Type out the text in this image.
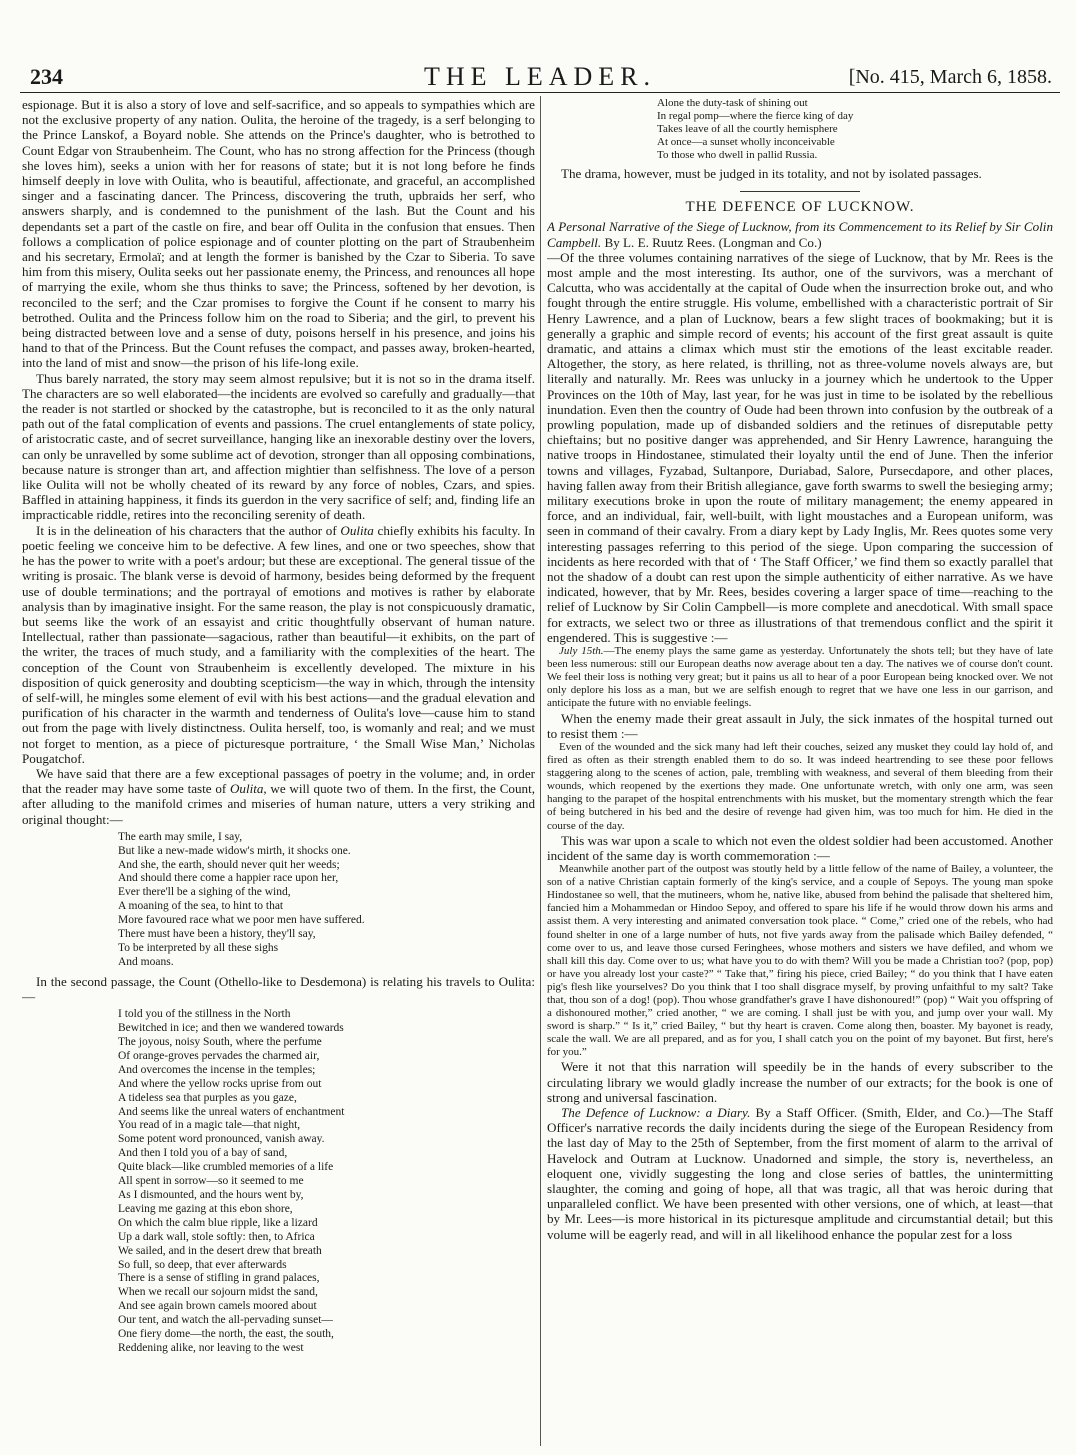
234	THE LEADER.	[No. 415, March 6, 1858.

espionage. But it is also a story of love and self-sacrifice, and so appeals to sympathies which are not the exclusive property of any nation. Oulita, the heroine of the tragedy, is a serf belonging to the Prince Lanskof, a Boyard noble. She attends on the Prince's daughter, who is betrothed to Count Edgar von Straubenheim. The Count, who has no strong affection for the Princess (though she loves him), seeks a union with her for reasons of state; but it is not long before he finds himself deeply in love with Oulita, who is beautiful, affectionate, and graceful, an accomplished singer and a fascinating dancer. The Princess, discovering the truth, upbraids her serf, who answers sharply, and is condemned to the punishment of the lash. But the Count and his dependants set a part of the castle on fire, and bear off Oulita in the confusion that ensues. Then follows a complication of police espionage and of counter plotting on the part of Straubenheim and his secretary, Ermolaï; and at length the former is banished by the Czar to Siberia. To save him from this misery, Oulita seeks out her passionate enemy, the Princess, and renounces all hope of marrying the exile, whom she thus thinks to save; the Princess, softened by her devotion, is reconciled to the serf; and the Czar promises to forgive the Count if he consent to marry his betrothed. Oulita and the Princess follow him on the road to Siberia; and the girl, to prevent his being distracted between love and a sense of duty, poisons herself in his presence, and joins his hand to that of the Princess. But the Count refuses the compact, and passes away, broken-hearted, into the land of mist and snow—the prison of his life-long exile.

Thus barely narrated, the story may seem almost repulsive; but it is not so in the drama itself. The characters are so well elaborated—the incidents are evolved so carefully and gradually—that the reader is not startled or shocked by the catastrophe, but is reconciled to it as the only natural path out of the fatal complication of events and passions. The cruel entanglements of state policy, of aristocratic caste, and of secret surveillance, hanging like an inexorable destiny over the lovers, can only be unravelled by some sublime act of devotion, stronger than all opposing combinations, because nature is stronger than art, and affection mightier than selfishness. The love of a person like Oulita will not be wholly cheated of its reward by any force of nobles, Czars, and spies. Baffled in attaining happiness, it finds its guerdon in the very sacrifice of self; and, finding life an impracticable riddle, retires into the reconciling serenity of death.

It is in the delineation of his characters that the author of Oulita chiefly exhibits his faculty. In poetic feeling we conceive him to be defective. A few lines, and one or two speeches, show that he has the power to write with a poet's ardour; but these are exceptional. The general tissue of the writing is prosaic. The blank verse is devoid of harmony, besides being deformed by the frequent use of double terminations; and the portrayal of emotions and motives is rather by elaborate analysis than by imaginative insight. For the same reason, the play is not conspicuously dramatic, but seems like the work of an essayist and critic thoughtfully observant of human nature. Intellectual, rather than passionate—sagacious, rather than beautiful—it exhibits, on the part of the writer, the traces of much study, and a familiarity with the complexities of the heart. The conception of the Count von Straubenheim is excellently developed. The mixture in his disposition of quick generosity and doubting scepticism—the way in which, through the intensity of self-will, he mingles some element of evil with his best actions—and the gradual elevation and purification of his character in the warmth and tenderness of Oulita's love—cause him to stand out from the page with lively distinctness. Oulita herself, too, is womanly and real; and we must not forget to mention, as a piece of picturesque portraiture, ‘ the Small Wise Man,’ Nicholas Pougatchof.

We have said that there are a few exceptional passages of poetry in the volume; and, in order that the reader may have some taste of Oulita, we will quote two of them. In the first, the Count, after alluding to the manifold crimes and miseries of human nature, utters a very striking and original thought:—

The earth may smile, I say,
But like a new-made widow's mirth, it shocks one.
And she, the earth, should never quit her weeds;
And should there come a happier race upon her,
Ever there'll be a sighing of the wind,
A moaning of the sea, to hint to that
More favoured race what we poor men have suffered.
There must have been a history, they'll say,
To be interpreted by all these sighs
And moans.

In the second passage, the Count (Othello-like to Desdemona) is relating his travels to Oulita:—

I told you of the stillness in the North
Bewitched in ice; and then we wandered towards
The joyous, noisy South, where the perfume
Of orange-groves pervades the charmed air,
And overcomes the incense in the temples;
And where the yellow rocks uprise from out
A tideless sea that purples as you gaze,
And seems like the unreal waters of enchantment
You read of in a magic tale—that night,
Some potent word pronounced, vanish away.
And then I told you of a bay of sand,
Quite black—like crumbled memories of a life
All spent in sorrow—so it seemed to me
As I dismounted, and the hours went by,
Leaving me gazing at this ebon shore,
On which the calm blue ripple, like a lizard
Up a dark wall, stole softly: then, to Africa
We sailed, and in the desert drew that breath
So full, so deep, that ever afterwards
There is a sense of stifling in grand palaces,
When we recall our sojourn midst the sand,
And see again brown camels moored about
Our tent, and watch the all-pervading sunset—
One fiery dome—the north, the east, the south,
Reddening alike, nor leaving to the west
Alone the duty-task of shining out
In regal pomp—where the fierce king of day
Takes leave of all the courtly hemisphere
At once—a sunset wholly inconceivable
To those who dwell in pallid Russia.

The drama, however, must be judged in its totality, and not by isolated passages.

THE DEFENCE OF LUCKNOW.

A Personal Narrative of the Siege of Lucknow, from its Commencement to its Relief by Sir Colin Campbell. By L. E. Ruutz Rees. (Longman and Co.)

—Of the three volumes containing narratives of the siege of Lucknow, that by Mr. Rees is the most ample and the most interesting. Its author, one of the survivors, was a merchant of Calcutta, who was accidentally at the capital of Oude when the insurrection broke out, and who fought through the entire struggle. His volume, embellished with a characteristic portrait of Sir Henry Lawrence, and a plan of Lucknow, bears a few slight traces of bookmaking; but it is generally a graphic and simple record of events; his account of the first great assault is quite dramatic, and attains a climax which must stir the emotions of the least excitable reader. Altogether, the story, as here related, is thrilling, not as three-volume novels always are, but literally and naturally. Mr. Rees was unlucky in a journey which he undertook to the Upper Provinces on the 10th of May, last year, for he was just in time to be isolated by the rebellious inundation. Even then the country of Oude had been thrown into confusion by the outbreak of a prowling population, made up of disbanded soldiers and the retinues of disreputable petty chieftains; but no positive danger was apprehended, and Sir Henry Lawrence, haranguing the native troops in Hindostanee, stimulated their loyalty until the end of June. Then the inferior towns and villages, Fyzabad, Sultanpore, Duriabad, Salore, Pursecdapore, and other places, having fallen away from their British allegiance, gave forth swarms to swell the besieging army; military executions broke in upon the route of military management; the enemy appeared in force, and an individual, fair, well-built, with light moustaches and a European uniform, was seen in command of their cavalry. From a diary kept by Lady Inglis, Mr. Rees quotes some very interesting passages referring to this period of the siege. Upon comparing the succession of incidents as here recorded with that of ‘ The Staff Officer,’ we find them so exactly parallel that not the shadow of a doubt can rest upon the simple authenticity of either narrative. As we have indicated, however, that by Mr. Rees, besides covering a larger space of time—reaching to the relief of Lucknow by Sir Colin Campbell—is more complete and anecdotical. With small space for extracts, we select two or three as illustrations of that tremendous conflict and the spirit it engendered. This is suggestive :—

July 15th.—The enemy plays the same game as yesterday. Unfortunately the shots tell; but they have of late been less numerous: still our European deaths now average about ten a day. The natives we of course don't count. We feel their loss is nothing very great; but it pains us all to hear of a poor European being knocked over. We not only deplore his loss as a man, but we are selfish enough to regret that we have one less in our garrison, and anticipate the future with no enviable feelings.

When the enemy made their great assault in July, the sick inmates of the hospital turned out to resist them :—

Even of the wounded and the sick many had left their couches, seized any musket they could lay hold of, and fired as often as their strength enabled them to do so. It was indeed heartrending to see these poor fellows staggering along to the scenes of action, pale, trembling with weakness, and several of them bleeding from their wounds, which reopened by the exertions they made. One unfortunate wretch, with only one arm, was seen hanging to the parapet of the hospital entrenchments with his musket, but the momentary strength which the fear of being butchered in his bed and the desire of revenge had given him, was too much for him. He died in the course of the day.

This was war upon a scale to which not even the oldest soldier had been accustomed. Another incident of the same day is worth commemoration :—

Meanwhile another part of the outpost was stoutly held by a little fellow of the name of Bailey, a volunteer, the son of a native Christian captain formerly of the king's service, and a couple of Sepoys. The young man spoke Hindostanee so well, that the mutineers, whom he, native like, abused from behind the palisade that sheltered him, fancied him a Mohammedan or Hindoo Sepoy, and offered to spare his life if he would throw down his arms and assist them. A very interesting and animated conversation took place. “ Come,” cried one of the rebels, who had found shelter in one of a large number of huts, not five yards away from the palisade which Bailey defended, “ come over to us, and leave those cursed Feringhees, whose mothers and sisters we have defiled, and whom we shall kill this day. Come over to us; what have you to do with them? Will you be made a Christian too? (pop, pop) or have you already lost your caste?” “ Take that,” firing his piece, cried Bailey; “ do you think that I have eaten pig's flesh like yourselves? Do you think that I too shall disgrace myself, by proving unfaithful to my salt? Take that, thou son of a dog! (pop). Thou whose grandfather's grave I have dishonoured!” (pop) “ Wait you offspring of a dishonoured mother,” cried another, “ we are coming. I shall just be with you, and jump over your wall. My sword is sharp.” “ Is it,” cried Bailey, “ but thy heart is craven. Come along then, boaster. My bayonet is ready, scale the wall. We are all prepared, and as for you, I shall catch you on the point of my bayonet. But first, here's for you.”

Were it not that this narration will speedily be in the hands of every subscriber to the circulating library we would gladly increase the number of our extracts; for the book is one of strong and universal fascination.

The Defence of Lucknow: a Diary. By a Staff Officer. (Smith, Elder, and Co.)—The Staff Officer's narrative records the daily incidents during the siege of the European Residency from the last day of May to the 25th of September, from the first moment of alarm to the arrival of Havelock and Outram at Lucknow. Unadorned and simple, the story is, nevertheless, an eloquent one, vividly suggesting the long and close series of battles, the unintermitting slaughter, the coming and going of hope, all that was tragic, all that was heroic during that unparalleled conflict. We have been presented with other versions, one of which, at least—that by Mr. Lees—is more historical in its picturesque amplitude and circumstantial detail; but this volume will be eagerly read, and will in all likelihood enhance the popular zest for a loss
